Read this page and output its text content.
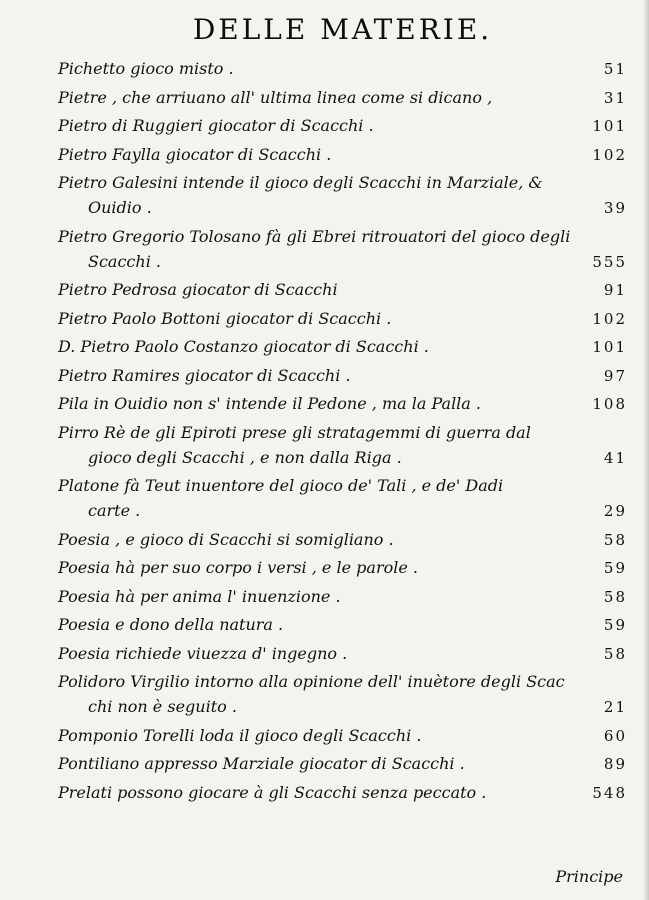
DELLE MATERIE.
Pichetto gioco misto .	51
Pietre , che arriuano all' ultima linea come si dicano ,	31
Pietro di Ruggieri giocator di Scacchi .	101
Pietro Faylla giocator di Scacchi .	102
Pietro Galesini intende il gioco degli Scacchi in Marziale, &
Ouidio .	39
Pietro Gregorio Tolosano fà gli Ebrei ritrouatori del gioco degli
Scacchi .	555
Pietro Pedrosa giocator di Scacchi	91
Pietro Paolo Bottoni giocator di Scacchi .	102
D. Pietro Paolo Costanzo giocator di Scacchi .	101
Pietro Ramires giocator di Scacchi .	97
Pila in Ouidio non s' intende il Pedone , ma la Palla .	108
Pirro Rè de gli Epiroti prese gli stratagemmi di guerra dal
gioco degli Scacchi , e non dalla Riga .	41
Platone fà Teut inuentore del gioco de' Tali , e de' Dadi
carte .	29
Poesia , e gioco di Scacchi si somigliano .	58
Poesia hà per suo corpo i versi , e le parole .	59
Poesia hà per anima l' inuenzione .	58
Poesia e dono della natura .	59
Poesia richiede viuezza d' ingegno .	58
Polidoro Virgilio intorno alla opinione dell' inuètore degli Scac
chi non è seguito .	21
Pomponio Torelli loda il gioco degli Scacchi .	60
Pontiliano appresso Marziale giocator di Scacchi .	89
Prelati possono giocare à gli Scacchi senza peccato .	548
Principe
